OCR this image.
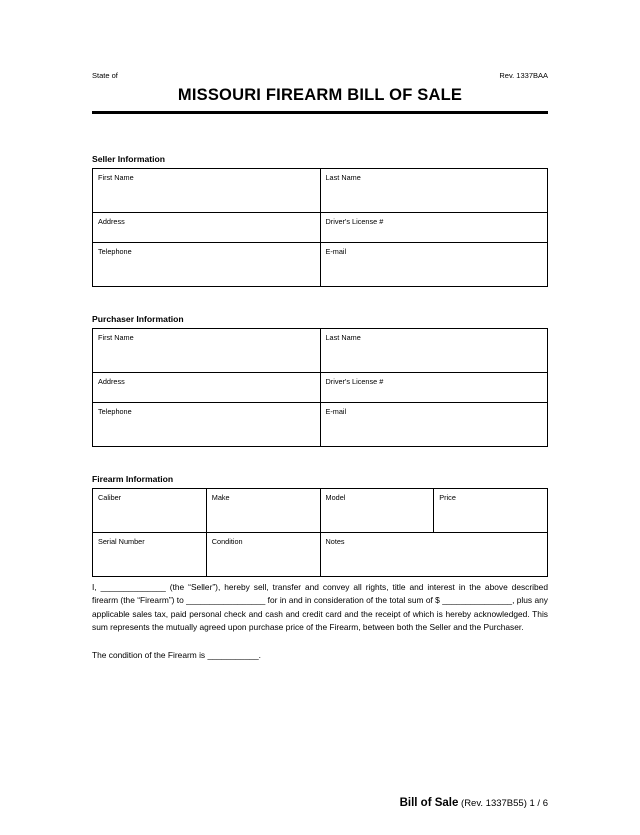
State of	Rev. 1337BAA
MISSOURI FIREARM BILL OF SALE
Seller Information
First Name	Last Name
Address	Driver's License #
Telephone	E-mail
Purchaser Information
First Name	Last Name
Address	Driver's License #
Telephone	E-mail
Firearm Information
Caliber	Make	Model	Price
Serial Number	Condition	Notes	

I, ______________ (the “Seller”), hereby sell, transfer and convey all rights, title and interest in the above described firearm (the “Firearm”) to _________________ for in and in consideration of the total sum of $ _______________, plus any applicable sales tax, paid personal check and cash and credit card and the receipt of which is hereby acknowledged. This sum represents the mutually agreed upon purchase price of the Firearm, between both the Seller and the Purchaser.

The condition of the Firearm is ___________.

Bill of Sale (Rev. 1337B55) 1 / 6
